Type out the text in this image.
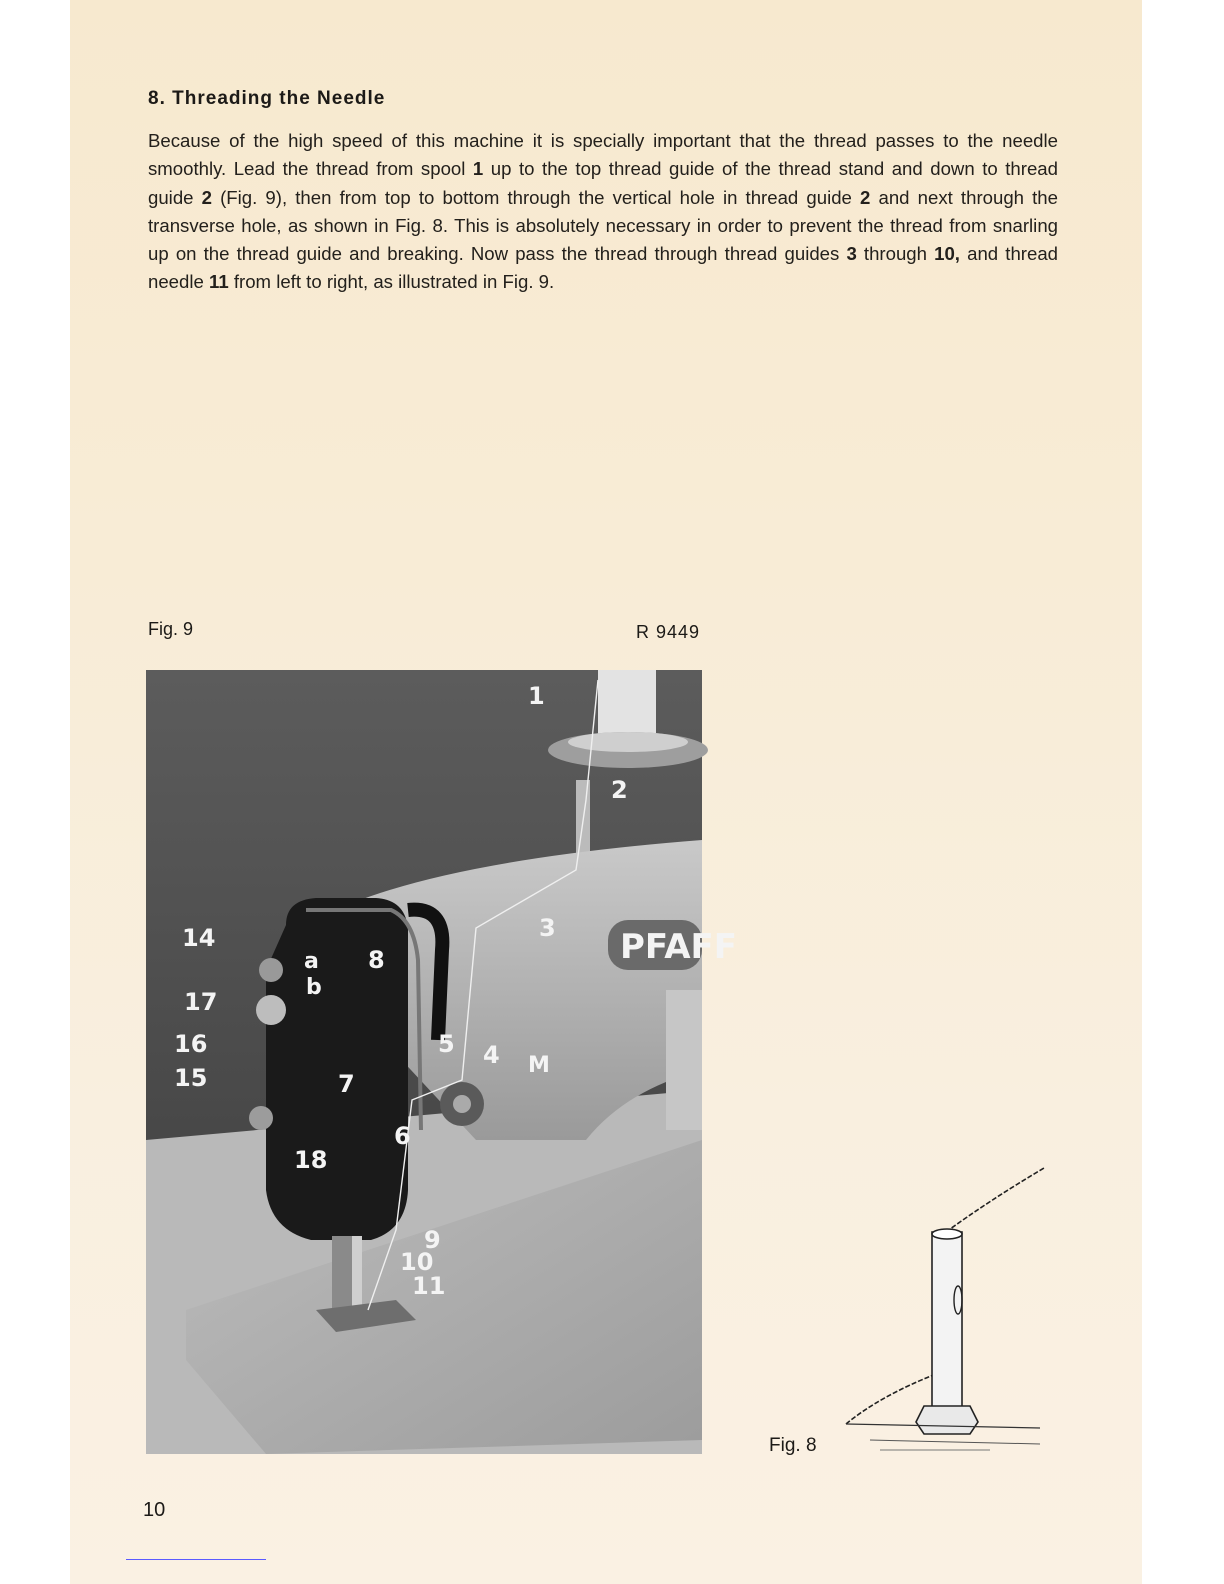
8. Threading the Needle
Because of the high speed of this machine it is specially important that the thread passes to the needle smoothly. Lead the thread from spool 1 up to the top thread guide of the thread stand and down to thread guide 2 (Fig. 9), then from top to bottom through the vertical hole in thread guide 2 and next through the transverse hole, as shown in Fig. 8. This is absolutely necessary in order to prevent the thread from snarling up on the thread guide and breaking. Now pass the thread through thread guides 3 through 10, and thread needle 11 from left to right, as illustrated in Fig. 9.
Fig. 9	R 9449
PFAFF
1
2
3
4
5
6
7
8
9
10
11
14
15
16
17
18
a
b
M
Fig. 8
10
